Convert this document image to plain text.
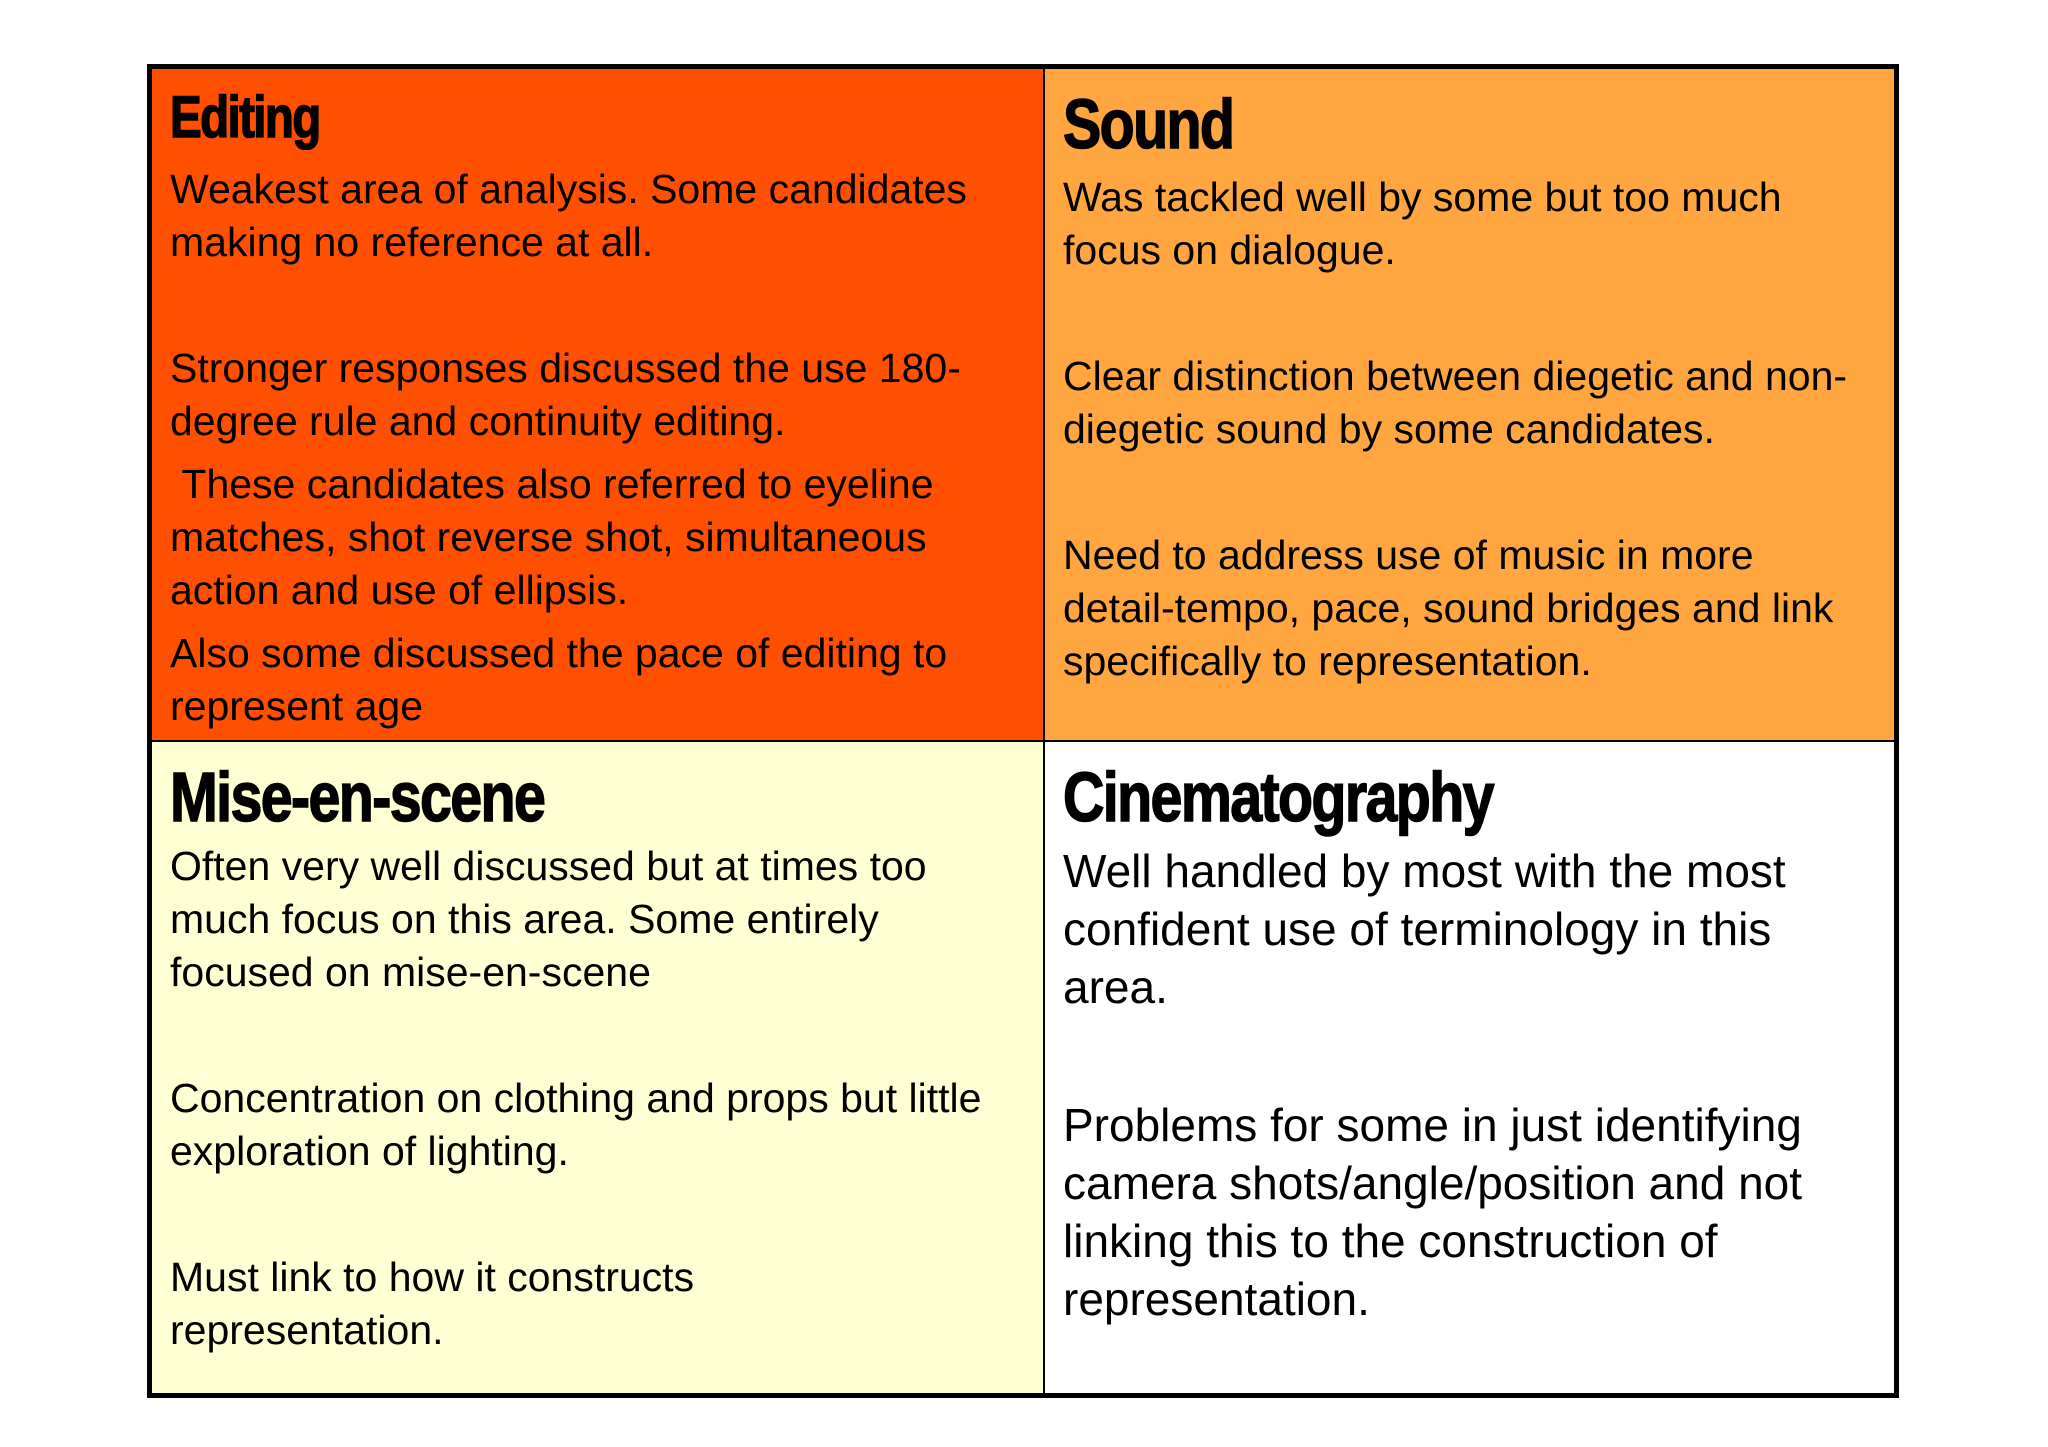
Editing

Weakest area of analysis. Some candidates making no reference at all.

Stronger responses discussed the use 180-degree rule and continuity editing.

These candidates also referred to eyeline matches, shot reverse shot, simultaneous action and use of ellipsis.

Also some discussed the pace of editing to represent age

Sound

Was tackled well by some but too much focus on dialogue.

Clear distinction between diegetic and non-diegetic sound by some candidates.

Need to address use of music in more detail-tempo, pace, sound bridges and link specifically to representation.

Mise-en-scene

Often very well discussed but at times too much focus on this area. Some entirely focused on mise-en-scene

Concentration on clothing and props but little exploration of lighting.

Must link to how it constructs representation.

Cinematography

Well handled by most with the most confident use of terminology in this area.

Problems for some in just identifying camera shots/angle/position and not linking this to the construction of representation.
